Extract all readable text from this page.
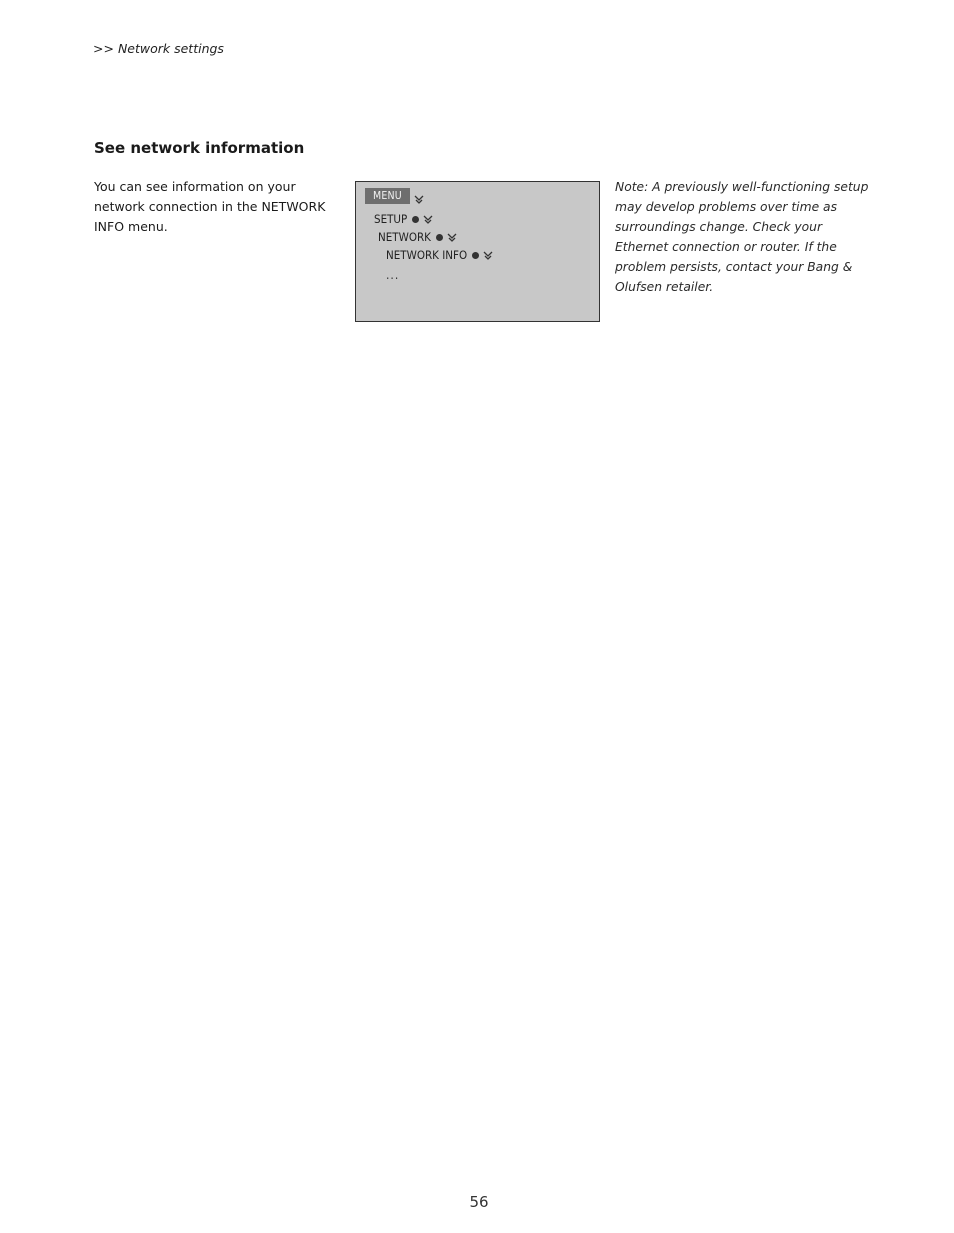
>> Network settings
See network information
You can see information on your network connection in the NETWORK INFO menu.
MENU
SETUP
NETWORK
NETWORK INFO
...
Note: A previously well-functioning setup may develop problems over time as surroundings change. Check your Ethernet connection or router. If the problem persists, contact your Bang & Olufsen retailer.
56
